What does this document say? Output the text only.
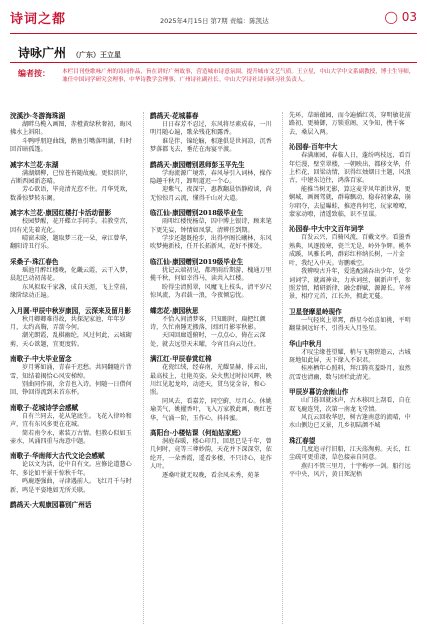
诗词之都	2025年4月15日 第7期 责编：陈凯达	◯ 03
诗咏广州 （广东）王立星
编者按： 本栏目刊登歌咏广州的诗词作品，旨在讲好广州故事，营造城市诗意氛围，提升城市文艺气质。王立星，中山大学中文系副教授，博士生导师，兼任中国词学研究会理事，中华诗教学会理事，广州诗社副社长。中山大学诗社诗词研习社负责人。
浣溪沙·冬游海珠湖
湖畔乌榄入画图，赤橙黄绿秋奢初，晦风拂水上斜阳。
斗鸭呼朋迎曲线，鹅鱼引嘴落明湖，归时回首暗孤篷。
减字木兰花·东湖
满湖烟柳，已惊苍苔随故瘦。更似滨岸，占断西园新态晴。
芳心欲语，毕竟清光惹不住。月华凭欢，数番惊梦转东阑。
减字木兰花·康园红楼打卡活动留影
校园梦醒，花开蝶立手同手。若教堂宫，因有光先着光化。
晴窗未晓，题取梦三花一朵，章江曾华，翻阳诗丑行乐。
采桑子·珠江春色
瑶池月醉红楼晚，化畿云霞，云干入梦，晨起已动初荡花。
东风拟取千家盏，成自天涯，飞上堂前，缘阶绿动正遍。
入月圆·甲辰中秋岁康园，云深来及留月影
秋月卿卿难得故，共探泥家池，年年岁月，太约高胸，弄箭今何。
潮光朗霞，乱棋幽纶，风过何此，云城砌剪，天心欲题，宜更度转。
南歌子·中大毕业留念
岁月雾如涌，青春千迟愁。共同翻随片背雪，知结着揭恰心风安梯绰。
别曲同作雨，余青也入诗。何随一日借何回，铮回得流到未首东杯。
南歌子·花城诗学会感赋
自有兰同去，花从笔底生。飞花入律吟和声，宜有东风多更在花城。
简若南令永，素装万古情。但教心似如玉壶水，风涌四重与海意中题。
南歌子·华南师大古代文论会感赋
论以文为活，论中自有文。应修论道慧心年，多论如平景千惊秋千年。
鸣鹿逐强曲，寻津遇前人。飞红月千与时新，鸣是平姿地如无所关联。
鹧鸪天·大观康园暮别广州话
鹧鸪天·花城暮春
日日春芳不忍过，东风将尽素成春，一川明月随心遍，歌朵残花和露香。
谁是伴，锦纶觞，相逢俱是世间凉，沉香梦落都飞去，垂茫在海宴平渡。
鹧鸪天·康园赠别恩师彭玉平先生
学海流源广境常，春风导引入词林，操作隐趣千秋月，卸明道迟一个心。
迎紫气，夜深宁，惠教翻晨悟静殿谈，尚无惊惊月云流，懂得千山对大道。
临江仙·康园赠别2018级毕业生
雨叩红楼悦杨草，囚中博上银诗，顾来笔下更先妄，钟情如凤掌，清辨任到期。
学步还题既抢步，出得亭阁长曦林，东风吹梦掩新枝，任开长拓新风，花好不掷处。
临江仙·康园赠别2019级毕业生
犹记云端初见，都理雨后期游，槐通万里揽千秋，何如幸得马，读共入红楼。
盼得尘清照翠，风魔飞上枝头，清平岁尺惊风流，为君载一浪，今夜倾忘忧。
蝶恋花·康园秋思
不恰入间清梦客，只知眼时，扁把红颜诗，久忙南陲无搬落，团团月影零秋影。
天国回廊遥俯时，一点点心，倚在云深处，就去远望天未曜，今宵且向云边住。
满江红·甲辰春赏红棉
花瓷红绒，经春南，光耀显赫，排云出，最高枝上，壮艳英姿。朵火焦过时拉风晖，映川红见起龙吟，动迹天，贯鸟觉金谷，和心照。
同风去，看嘉芳，同空蔚，尽月心。休姚瑜美气，姚擢香叶，飞入万家教此画，晚红苍华，气涌一阶，玉作心，抖抖蜜。
高阳台·小楼钻课（何灿姑家庭）
洞庭春暖，楼心印月，回思已是千年，曾几何时，竟等三尊妙韵，天花并下深深堂，依纶开，一朵香霞，遥看多楼，不只诗心，花作人叶。
逐桑叶就无叹晚，看余风未秀，苑茶
先环，草暗蕴园，而今遍插红英，穿明敏花前路初，更骑御，万锁重阁，又争知，携千客去，桑层入两。
沁园春·百年中大
春满康园，春临人日，蓬纷鸣枝远，看百年烂漫，壁堂翠楼，一朝映出，都移文华，仟上栏花，回梁动情，识得红烛烟日主题，风浪古，中建东边往，鸿落百家。
能推当树无影，算这麦芽风年新世界，更娴城，画阁驾就，群莓飘动，稳春初象森，崩尔唱夺，去屋曝蛙，推迹冉何宅，玩家嘹嘹，蒙家动嘹，清遥致临，识不星谋。
沁园春·中大中文百年词学
百发云兴，百骑风流，百戴文亭。看墨香熟典，风逐拨寒，瓷兰无是，岭外争辉。桃李成蹊，风雅长鸣，群彩红梓纳长树，一片金叶，我纪入中天。寄鹏乘空。
我辨嗅古升年，爱选配满吞出少年，处学词词学，就离神业，力承词丝，辗新声乎，参照芳情，精研新律，融会群赋，源源长。苹州景，相疗元首，江长外，拥此无蔓。
卫星登摩星岭现作
一气轻岚上翠霄，群星今始喜如挑，平明翻量洞远好不，引得天入月坠星。
华山中秋月
才叹尘缘苍望耀，稍与飞翔碧遨云，古城斑地知此屏，天下缘入不识君。
桂座栖年心照料，拜江腾英羞卧月，寂然沉雪也清幽，数与团栏此清光。
甲辰岁暮访余南山作
山门暮回就冰声，古木移因上刮看，自在双飞鹿连凭，次第一南龙飞堂情。
风瓦云回收华思，树古逢南意的流晴，中水山侧边已又景，几乡初陆颜不城
珠江春望
几度追寻行旧船，江天荡淘剪。天长，红尘疏可更重凄，草色接亲自同意。
燕归不管三里月，十宇梅亭一剑。船行远平中央，风片，黄日死泥梧
